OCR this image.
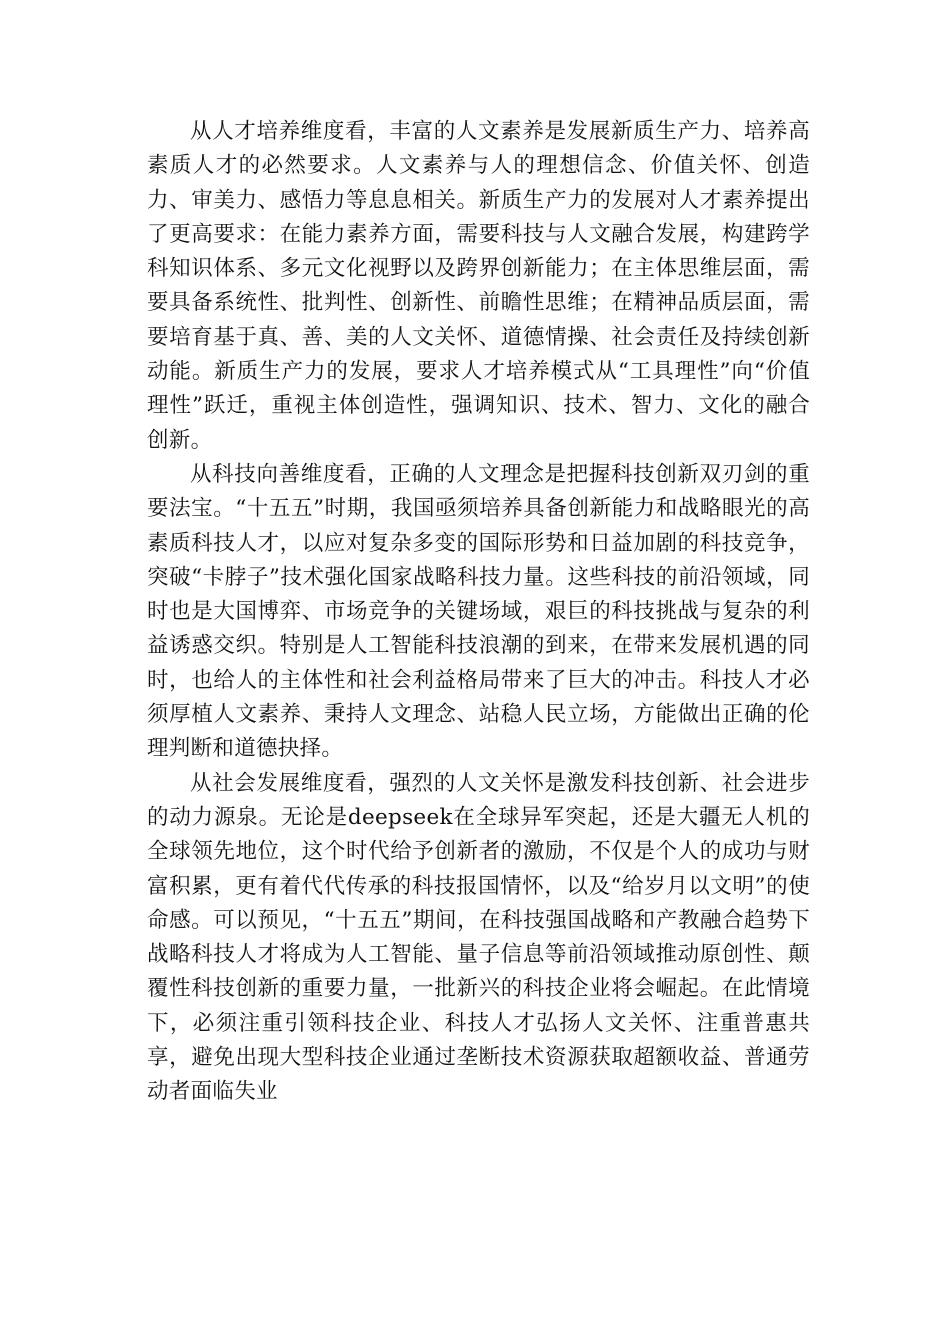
从人才培养维度看，丰富的人文素养是发展新质生产力、培养高素质人才的必然要求。人文素养与人的理想信念、价值关怀、创造力、审美力、感悟力等息息相关。新质生产力的发展对人才素养提出了更高要求：在能力素养方面，需要科技与人文融合发展，构建跨学科知识体系、多元文化视野以及跨界创新能力；在主体思维层面，需要具备系统性、批判性、创新性、前瞻性思维；在精神品质层面，需要培育基于真、善、美的人文关怀、道德情操、社会责任及持续创新动能。新质生产力的发展，要求人才培养模式从“工具理性”向“价值理性”跃迁，重视主体创造性，强调知识、技术、智力、文化的融合创新。

从科技向善维度看，正确的人文理念是把握科技创新双刃剑的重要法宝。“十五五”时期，我国亟须培养具备创新能力和战略眼光的高素质科技人才，以应对复杂多变的国际形势和日益加剧的科技竞争，突破“卡脖子”技术强化国家战略科技力量。这些科技的前沿领域，同时也是大国博弈、市场竞争的关键场域，艰巨的科技挑战与复杂的利益诱惑交织。特别是人工智能科技浪潮的到来，在带来发展机遇的同时，也给人的主体性和社会利益格局带来了巨大的冲击。科技人才必须厚植人文素养、秉持人文理念、站稳人民立场，方能做出正确的伦理判断和道德抉择。

从社会发展维度看，强烈的人文关怀是激发科技创新、社会进步的动力源泉。无论是deepseek在全球异军突起，还是大疆无人机的全球领先地位，这个时代给予创新者的激励，不仅是个人的成功与财富积累，更有着代代传承的科技报国情怀，以及“给岁月以文明”的使命感。可以预见，“十五五”期间，在科技强国战略和产教融合趋势下战略科技人才将成为人工智能、量子信息等前沿领域推动原创性、颠覆性科技创新的重要力量，一批新兴的科技企业将会崛起。在此情境下，必须注重引领科技企业、科技人才弘扬人文关怀、注重普惠共享，避免出现大型科技企业通过垄断技术资源获取超额收益、普通劳动者面临失业
